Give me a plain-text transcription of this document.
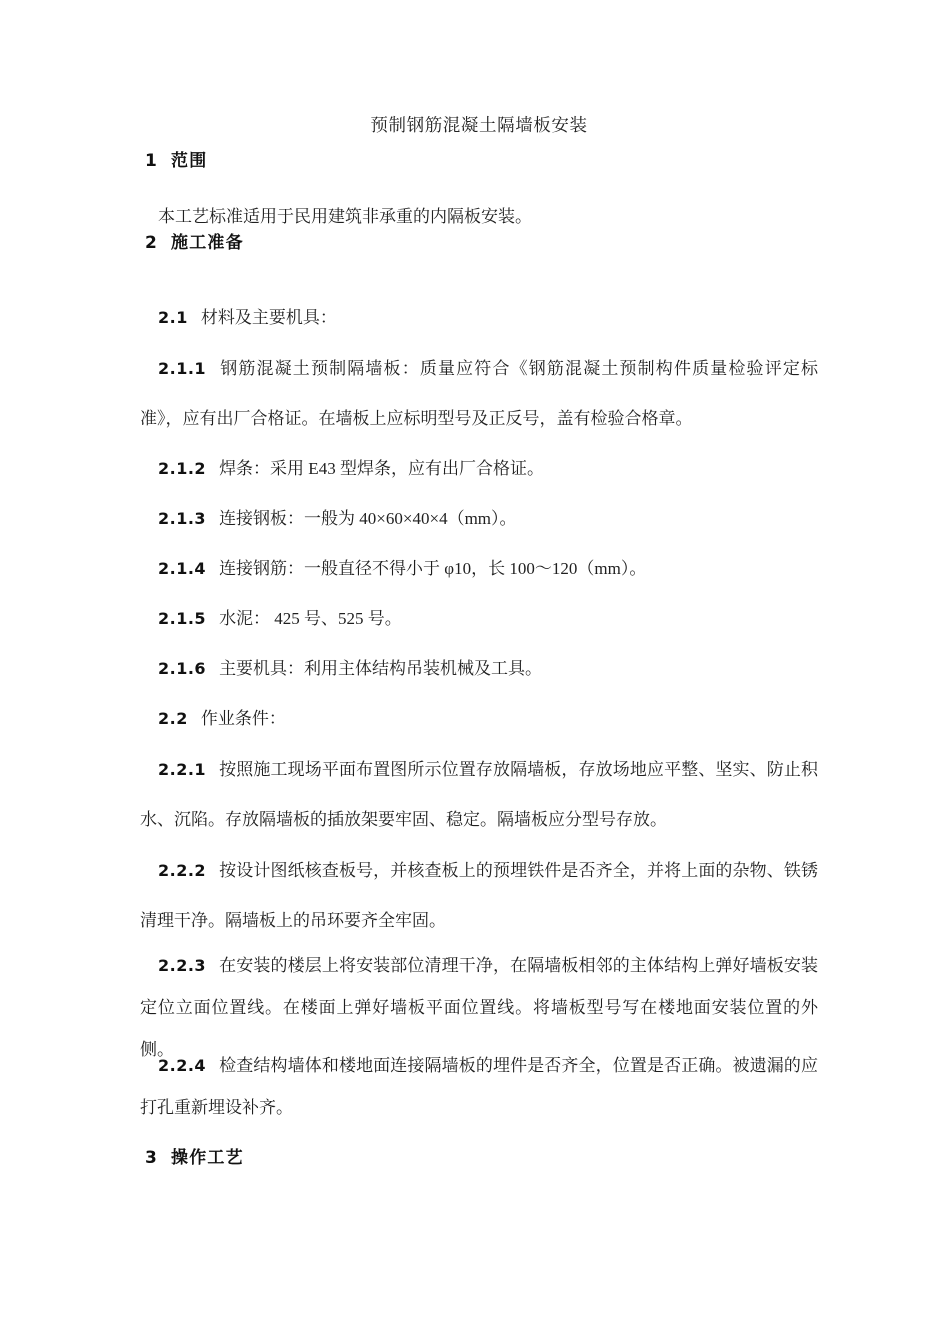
预制钢筋混凝土隔墙板安装
1 范围
本工艺标准适用于民用建筑非承重的内隔板安装。
2 施工准备
2.1 材料及主要机具：
2.1.1 钢筋混凝土预制隔墙板：质量应符合《钢筋混凝土预制构件质量检验评定标准》，应有出厂合格证。在墙板上应标明型号及正反号，盖有检验合格章。
2.1.2 焊条：采用 E43 型焊条，应有出厂合格证。
2.1.3 连接钢板：一般为 40×60×40×4（mm）。
2.1.4 连接钢筋：一般直径不得小于 φ10，长 100～120（mm）。
2.1.5 水泥： 425 号、525 号。
2.1.6 主要机具：利用主体结构吊装机械及工具。
2.2 作业条件：
2.2.1 按照施工现场平面布置图所示位置存放隔墙板，存放场地应平整、坚实、防止积水、沉陷。存放隔墙板的插放架要牢固、稳定。隔墙板应分型号存放。
2.2.2 按设计图纸核查板号，并核查板上的预埋铁件是否齐全，并将上面的杂物、铁锈清理干净。隔墙板上的吊环要齐全牢固。
2.2.3 在安装的楼层上将安装部位清理干净，在隔墙板相邻的主体结构上弹好墙板安装定位立面位置线。在楼面上弹好墙板平面位置线。将墙板型号写在楼地面安装位置的外侧。
2.2.4 检查结构墙体和楼地面连接隔墙板的埋件是否齐全，位置是否正确。被遗漏的应打孔重新埋设补齐。
3 操作工艺
